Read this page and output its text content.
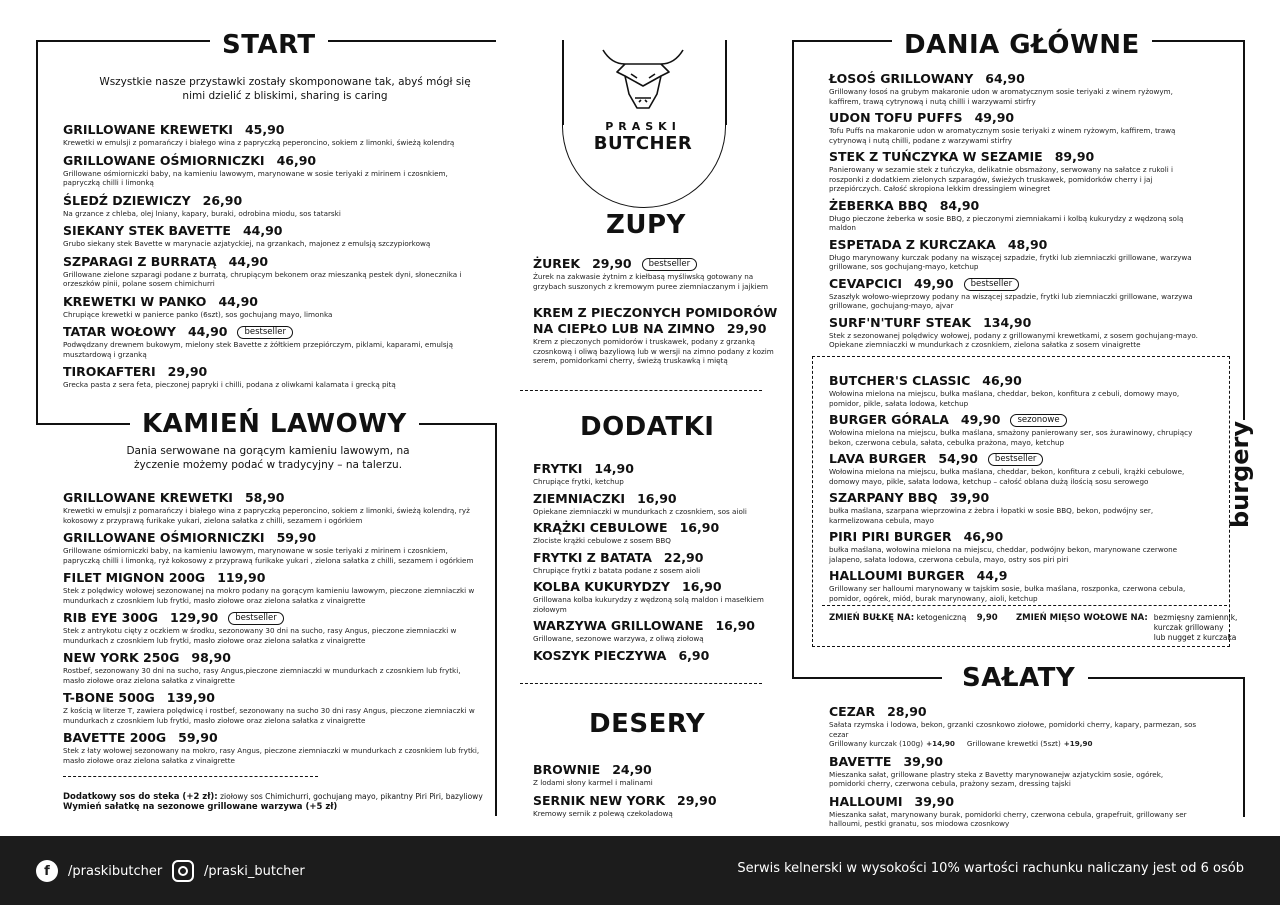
START
Wszystkie nasze przystawki zostały skomponowane tak, abyś mógł się nimi dzielić z bliskimi, sharing is caring
GRILLOWANE KREWETKI 45,90
Krewetki w emulsji z pomarańczy i białego wina z papryczką peperoncino, sokiem z limonki, świeżą kolendrą
GRILLOWANE OŚMIORNICZKI 46,90
Grillowane ośmiorniczki baby, na kamieniu lawowym, marynowane w sosie teriyaki z mirinem i czosnkiem, papryczką chilli i limonką
ŚLEDŹ DZIEWICZY 26,90
Na grzance z chleba, olej lniany, kapary, buraki, odrobina miodu, sos tatarski
SIEKANY STEK BAVETTE 44,90
Grubo siekany stek Bavette w marynacie azjatyckiej, na grzankach, majonez z emulsją szczypiorkową
SZPARAGI Z BURRATĄ 44,90
Grillowane zielone szparagi podane z burratą, chrupiącym bekonem oraz mieszanką pestek dyni, słonecznika i orzeszków pinii, polane sosem chimichurri
KREWETKI W PANKO 44,90
Chrupiące krewetki w panierce panko (6szt), sos gochujang mayo, limonka
TATAR WOŁOWY 44,90 bestseller
Podwędzany drewnem bukowym, mielony stek Bavette z żółtkiem przepiórczym, piklami, kaparami, emulsją musztardową i grzanką
TIROKAFTERI 29,90
Grecka pasta z sera feta, pieczonej papryki i chilli, podana z oliwkami kalamata i grecką pitą
KAMIEŃ LAWOWY
Dania serwowane na gorącym kamieniu lawowym, na życzenie możemy podać w tradycyjny – na talerzu.
GRILLOWANE KREWETKI 58,90
Krewetki w emulsji z pomarańczy i białego wina z papryczką peperoncino, sokiem z limonki, świeżą kolendrą, ryż kokosowy z przyprawą furikake yukari, zielona sałatka z chilli, sezamem i ogórkiem
GRILLOWANE OŚMIORNICZKI 59,90
Grillowane ośmiorniczki baby, na kamieniu lawowym, marynowane w sosie teriyaki z mirinem i czosnkiem, papryczką chilli i limonką, ryż kokosowy z przyprawą furikake yukari , zielona sałatka z chilli, sezamem i ogórkiem
FILET MIGNON 200G 119,90
Stek z polędwicy wołowej sezonowanej na mokro podany na gorącym kamieniu lawowym, pieczone ziemniaczki w mundurkach z czosnkiem lub frytki, masło ziołowe oraz zielona sałatka z vinaigrette
RIB EYE 300G 129,90 bestseller
Stek z antrykotu cięty z oczkiem w środku, sezonowany 30 dni na sucho, rasy Angus, pieczone ziemniaczki w mundurkach z czosnkiem lub frytki, masło ziołowe oraz zielona sałatka z vinaigrette
NEW YORK 250G 98,90
Rostbef, sezonowany 30 dni na sucho, rasy Angus,pieczone ziemniaczki w mundurkach z czosnkiem lub frytki, masło ziołowe oraz zielona sałatka z vinaigrette
T-BONE 500G 139,90
Z kością w literze T, zawiera polędwicę i rostbef, sezonowany na sucho 30 dni rasy Angus, pieczone ziemniaczki w mundurkach z czosnkiem lub frytki, masło ziołowe oraz zielona sałatka z vinaigrette
BAVETTE 200G 59,90
Stek z łaty wołowej sezonowany na mokro, rasy Angus, pieczone ziemniaczki w mundurkach z czosnkiem lub frytki, masło ziołowe oraz zielona sałatka z vinaigrette
Dodatkowy sos do steka (+2 zł): ziołowy sos Chimichurri, gochujang mayo, pikantny Piri Piri, bazyliowy
Wymień sałatkę na sezonowe grillowane warzywa (+5 zł)
PRASKI
BUTCHER
ZUPY
ŻUREK 29,90 bestseller
Żurek na zakwasie żytnim z kiełbasą myśliwską gotowany na grzybach suszonych z kremowym puree ziemniaczanym i jajkiem
KREM Z PIECZONYCH POMIDORÓW
NA CIEPŁO LUB NA ZIMNO 29,90
Krem z pieczonych pomidorów i truskawek, podany z grzanką czosnkową i oliwą bazyliową lub w wersji na zimno podany z kozim serem, pomidorkami cherry, świeżą truskawką i miętą
DODATKI
FRYTKI 14,90
Chrupiące frytki, ketchup
ZIEMNIACZKI 16,90
Opiekane ziemniaczki w mundurkach z czosnkiem, sos aioli
KRĄŻKI CEBULOWE 16,90
Złociste krążki cebulowe z sosem BBQ
FRYTKI Z BATATA 22,90
Chrupiące frytki z batata podane z sosem aioli
KOLBA KUKURYDZY 16,90
Grillowana kolba kukurydzy z wędzoną solą maldon i masełkiem ziołowym
WARZYWA GRILLOWANE 16,90
Grillowane, sezonowe warzywa, z oliwą ziołową
KOSZYK PIECZYWA 6,90
DESERY
BROWNIE 24,90
Z lodami słony karmel i malinami
SERNIK NEW YORK 29,90
Kremowy sernik z polewą czekoladową
DANIA GŁÓWNE
ŁOSOŚ GRILLOWANY 64,90
Grillowany łosoś na grubym makaronie udon w aromatycznym sosie teriyaki z winem ryżowym, kaffirem, trawą cytrynową i nutą chilli i warzywami stirfry
UDON TOFU PUFFS 49,90
Tofu Puffs na makaronie udon w aromatycznym sosie teriyaki z winem ryżowym, kaffirem, trawą cytrynową i nutą chilli, podane z warzywami stirfry
STEK Z TUŃCZYKA W SEZAMIE 89,90
Panierowany w sezamie stek z tuńczyka, delikatnie obsmażony, serwowany na sałatce z rukoli i roszponki z dodatkiem zielonych szparagów, świeżych truskawek, pomidorków cherry i jaj przepiórczych. Całość skropiona lekkim dressingiem winegret
ŻEBERKA BBQ 84,90
Długo pieczone żeberka w sosie BBQ, z pieczonymi ziemniakami i kolbą kukurydzy z wędzoną solą maldon
ESPETADA Z KURCZAKA 48,90
Długo marynowany kurczak podany na wiszącej szpadzie, frytki lub ziemniaczki grillowane, warzywa grillowane, sos gochujang-mayo, ketchup
CEVAPCICI 49,90 bestseller
Szaszłyk wołowo-wieprzowy podany na wiszącej szpadzie, frytki lub ziemniaczki grillowane, warzywa grillowane, gochujang-mayo, ajvar
SURF'N'TURF STEAK 134,90
Stek z sezonowanej polędwicy wołowej, podany z grillowanymi krewetkami, z sosem gochujang-mayo. Opiekane ziemniaczki w mundurkach z czosnkiem, zielona sałatka z sosem vinaigrette
burgery
BUTCHER'S CLASSIC 46,90
Wołowina mielona na miejscu, bułka maślana, cheddar, bekon, konfitura z cebuli, domowy mayo, pomidor, pikle, sałata lodowa, ketchup
BURGER GÓRALA 49,90 sezonowe
Wołowina mielona na miejscu, bułka maślana, smażony panierowany ser, sos żurawinowy, chrupiący bekon, czerwona cebula, sałata, cebulka prażona, mayo, ketchup
LAVA BURGER 54,90 bestseller
Wołowina mielona na miejscu, bułka maślana, cheddar, bekon, konfitura z cebuli, krążki cebulowe, domowy mayo, pikle, sałata lodowa, ketchup – całość oblana dużą ilością sosu serowego
SZARPANY BBQ 39,90
bułka maślana, szarpana wieprzowina z żebra i łopatki w sosie BBQ, bekon, podwójny ser, karmelizowana cebula, mayo
PIRI PIRI BURGER 46,90
bułka maślana, wołowina mielona na miejscu, cheddar, podwójny bekon, marynowane czerwone jalapeno, sałata lodowa, czerwona cebula, mayo, ostry sos piri piri
HALLOUMI BURGER 44,9
Grillowany ser halloumi marynowany w tajskim sosie, bułka maślana, roszponka, czerwona cebula, pomidor, ogórek, miód, burak marynowany, aioli, ketchup
ZMIEŃ BUŁKĘ NA: ketogeniczną 9,90 ZMIEŃ MIĘSO WOŁOWE NA: bezmięsny zamiennik,
kurczak grillowany
lub nugget z kurczaka
SAŁATY
CEZAR 28,90
Sałata rzymska i lodowa, bekon, grzanki czosnkowo ziołowe, pomidorki cherry, kapary, parmezan, sos cezar
Grillowany kurczak (100g) +14,90 Grillowane krewetki (5szt) +19,90
BAVETTE 39,90
Mieszanka sałat, grillowane plastry steka z Bavetty marynowanejw azjatyckim sosie, ogórek, pomidorki cherry, czerwona cebula, prażony sezam, dressing tajski
HALLOUMI 39,90
Mieszanka sałat, marynowany burak, pomidorki cherry, czerwona cebula, grapefruit, grillowany ser halloumi, pestki granatu, sos miodowa czosnkowy
f	/praskibutcher	/praski_butcher	Serwis kelnerski w wysokości 10% wartości rachunku naliczany jest od 6 osób
